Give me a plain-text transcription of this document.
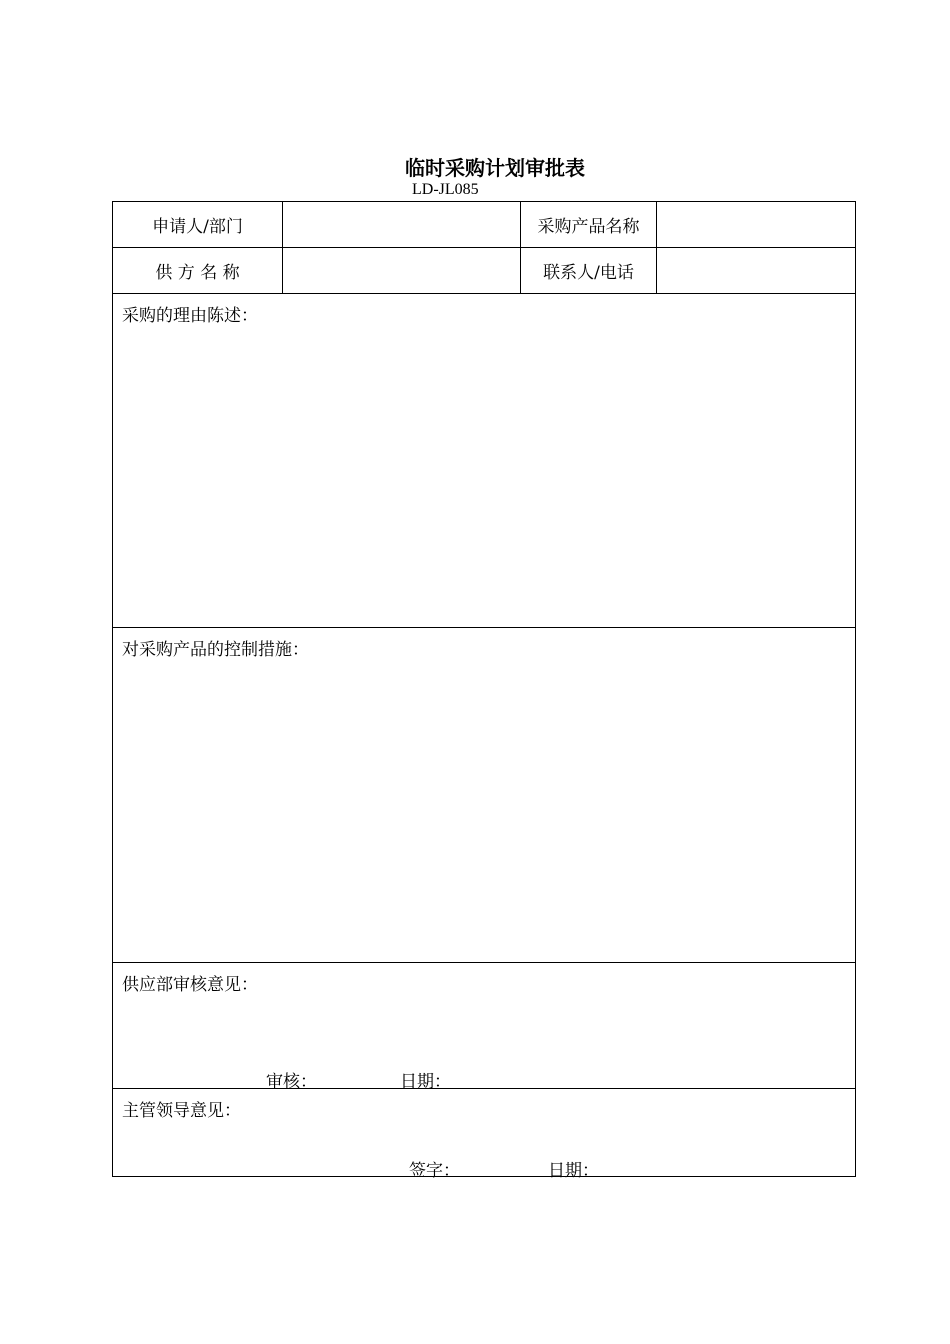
临时采购计划审批表
LD-JL085
申请人/部门	采购产品名称
供 方 名 称	联系人/电话
采购的理由陈述：
对采购产品的控制措施：
供应部审核意见：
审核：	日期：
主管领导意见：
签字：	日期：
